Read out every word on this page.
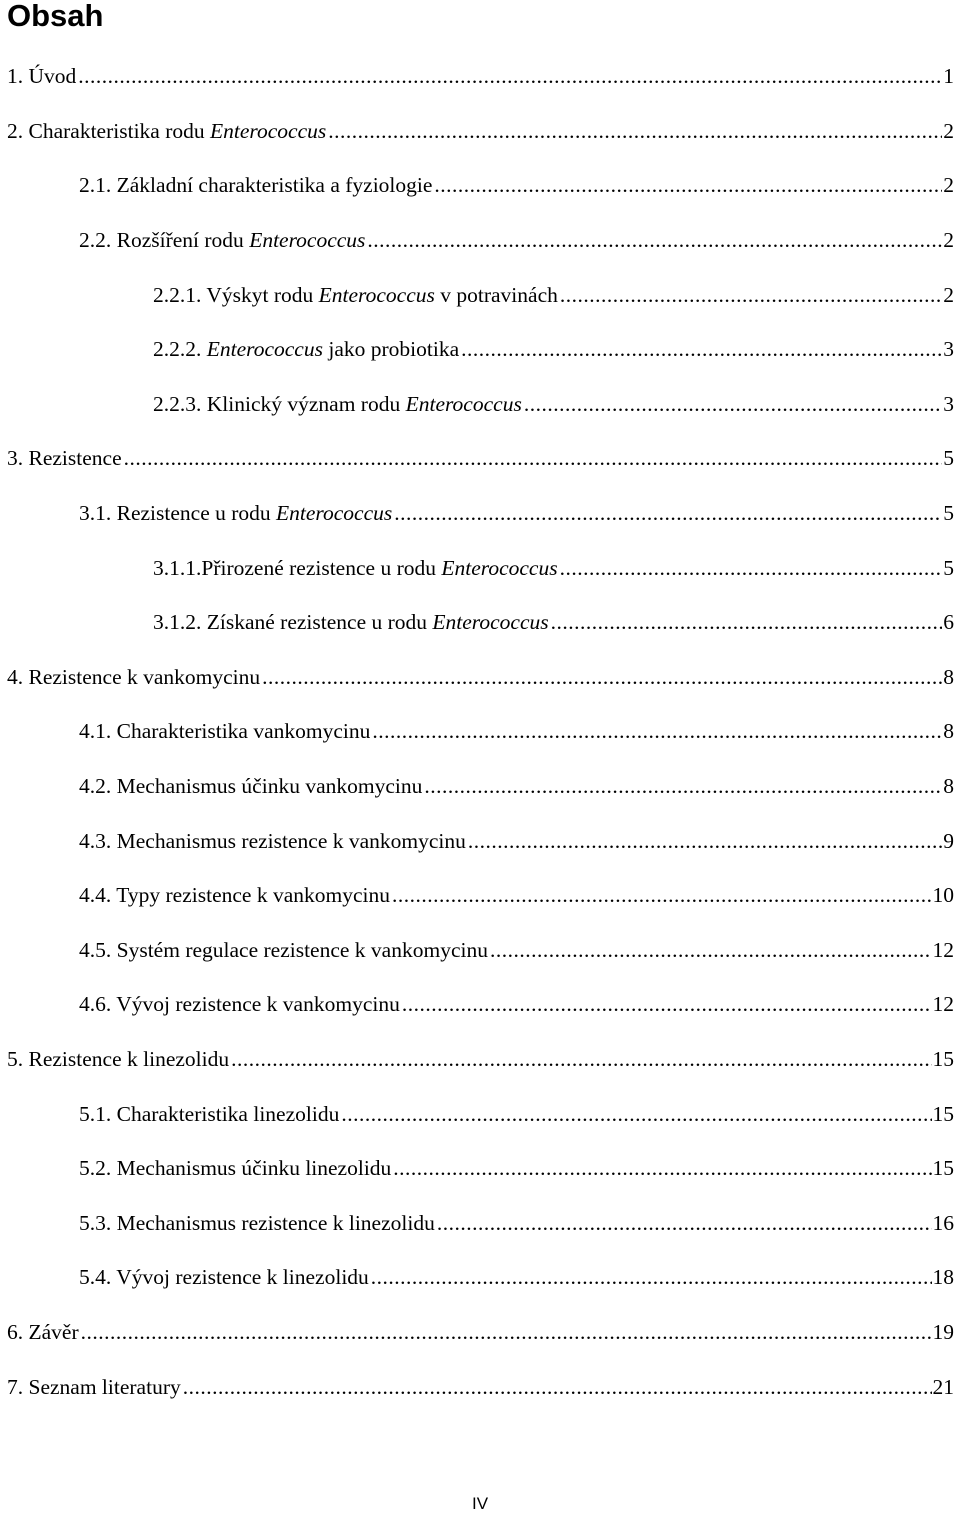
Obsah
1. Úvod .....	1
2. Charakteristika rodu Enterococcus .....	2
2.1. Základní charakteristika a fyziologie .....	2
2.2. Rozšíření rodu Enterococcus .....	2
2.2.1. Výskyt rodu Enterococcus v potravinách .....	2
2.2.2. Enterococcus jako probiotika .....	3
2.2.3. Klinický význam rodu Enterococcus .....	3
3. Rezistence .....	5
3.1. Rezistence u rodu Enterococcus .....	5
3.1.1.Přirozené rezistence u rodu Enterococcus .....	5
3.1.2. Získané rezistence u rodu Enterococcus .....	6
4. Rezistence k vankomycinu .....	8
4.1. Charakteristika vankomycinu .....	8
4.2. Mechanismus účinku vankomycinu .....	8
4.3. Mechanismus rezistence k vankomycinu .....	9
4.4. Typy rezistence k vankomycinu .....	10
4.5. Systém regulace rezistence k vankomycinu .....	12
4.6. Vývoj rezistence k vankomycinu .....	12
5. Rezistence k linezolidu .....	15
5.1. Charakteristika linezolidu .....	15
5.2. Mechanismus účinku linezolidu .....	15
5.3. Mechanismus rezistence k linezolidu .....	16
5.4. Vývoj rezistence k linezolidu .....	18
6. Závěr .....	19
7. Seznam literatury .....	21
IV
